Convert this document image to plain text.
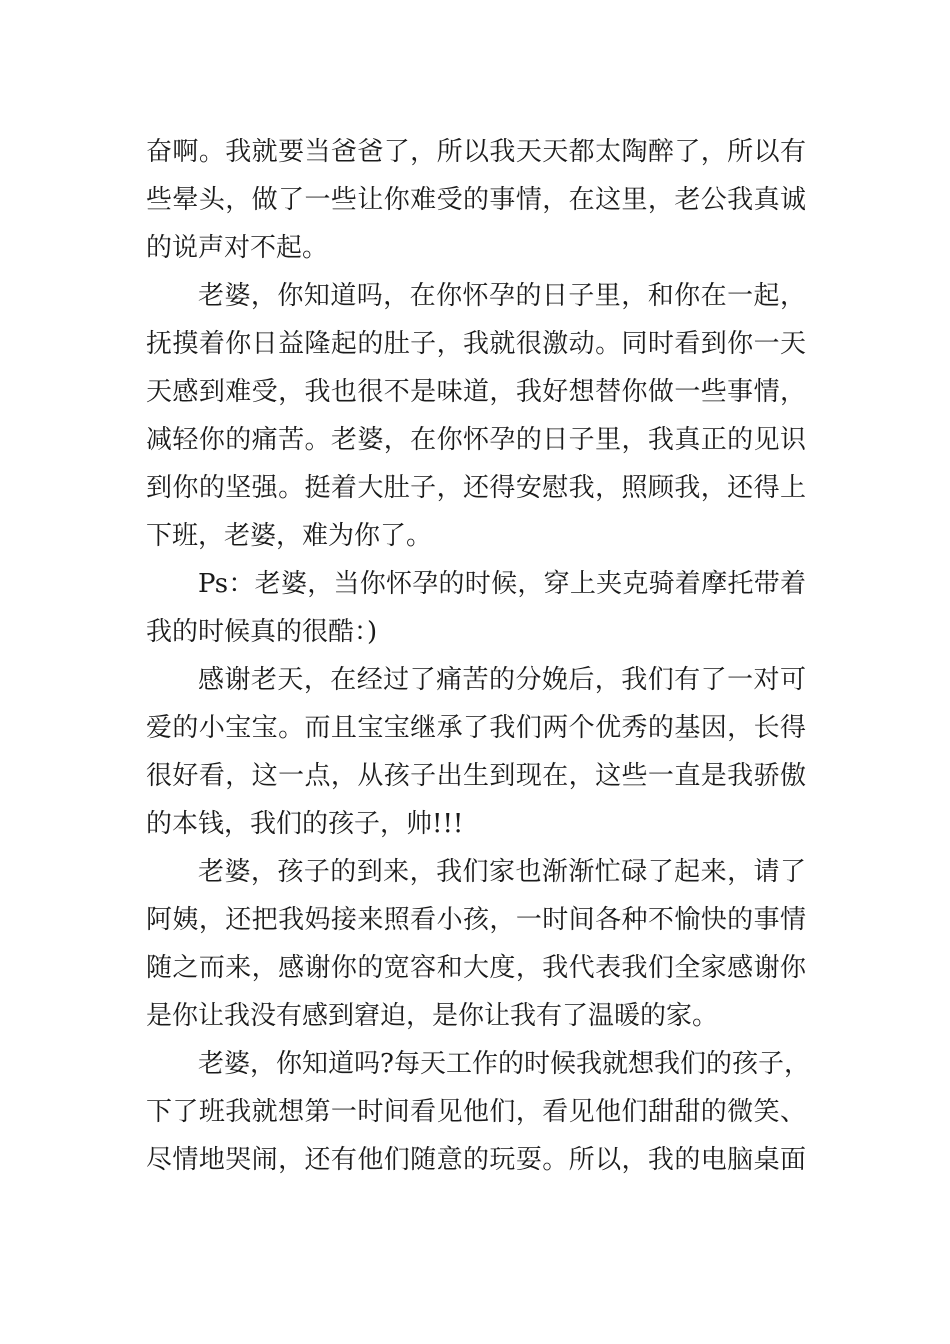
奋啊。我就要当爸爸了，所以我天天都太陶醉了，所以有
些晕头，做了一些让你难受的事情，在这里，老公我真诚
的说声对不起。
老婆，你知道吗，在你怀孕的日子里，和你在一起，
抚摸着你日益隆起的肚子，我就很激动。同时看到你一天
天感到难受，我也很不是味道，我好想替你做一些事情，
减轻你的痛苦。老婆，在你怀孕的日子里，我真正的见识
到你的坚强。挺着大肚子，还得安慰我，照顾我，还得上
下班，老婆，难为你了。
Ps：老婆，当你怀孕的时候，穿上夹克骑着摩托带着
我的时候真的很酷：)
感谢老天，在经过了痛苦的分娩后，我们有了一对可
爱的小宝宝。而且宝宝继承了我们两个优秀的基因，长得
很好看，这一点，从孩子出生到现在，这些一直是我骄傲
的本钱，我们的孩子，帅!!!
老婆，孩子的到来，我们家也渐渐忙碌了起来，请了
阿姨，还把我妈接来照看小孩，一时间各种不愉快的事情
随之而来，感谢你的宽容和大度，我代表我们全家感谢你
是你让我没有感到窘迫，是你让我有了温暖的家。
老婆，你知道吗?每天工作的时候我就想我们的孩子，
下了班我就想第一时间看见他们，看见他们甜甜的微笑、
尽情地哭闹，还有他们随意的玩耍。所以，我的电脑桌面
